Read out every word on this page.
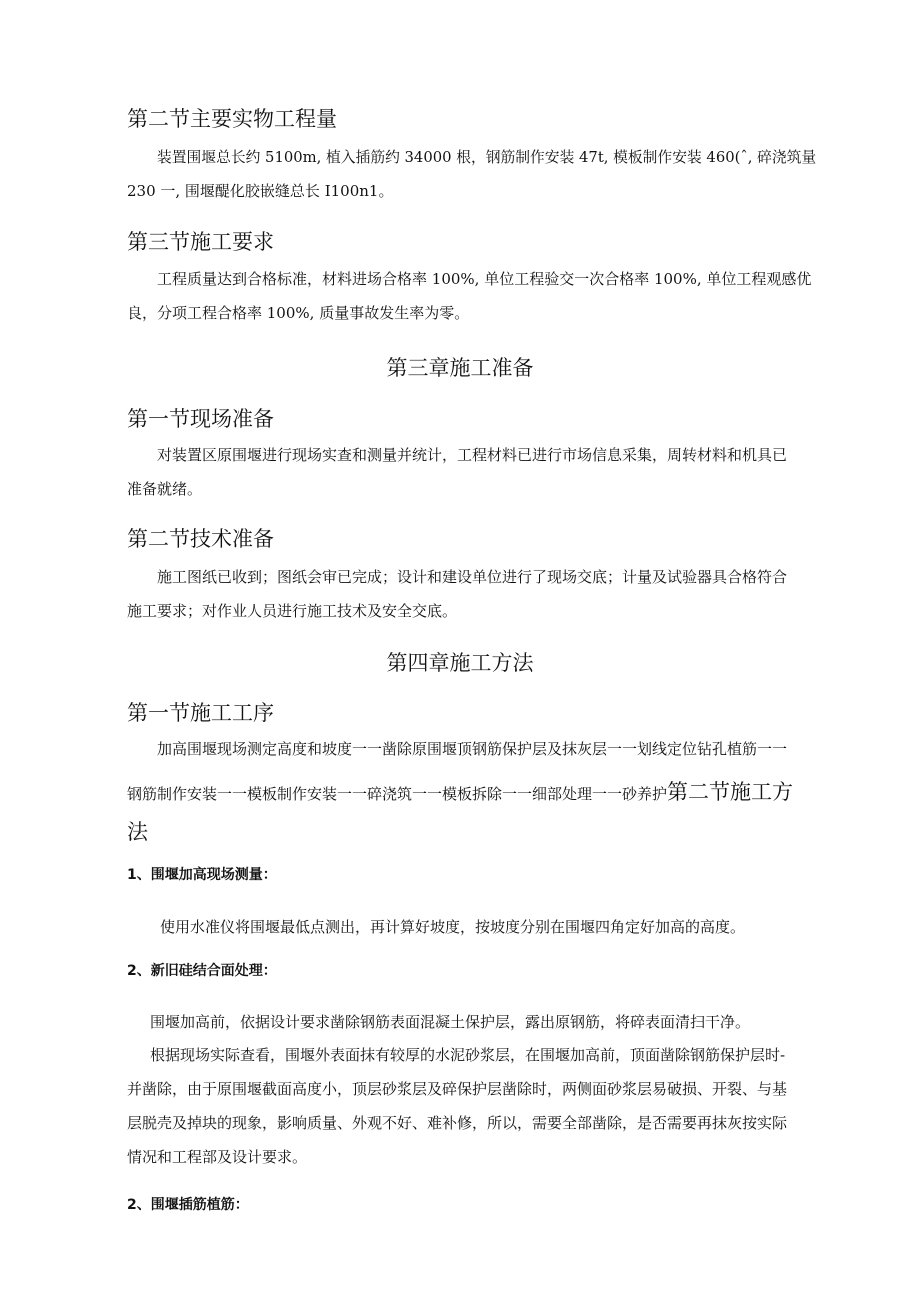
第二节主要实物工程量
装置围堰总长约 5100m, 植入插筋约 34000 根，钢筋制作安装 47t, 模板制作安装 460(ˆ, 碎浇筑量
230 一, 围堰醍化胶嵌缝总长 I100n1。
第三节施工要求
工程质量达到合格标准，材料进场合格率 100%, 单位工程验交一次合格率 100%, 单位工程观感优
良，分项工程合格率 100%, 质量事故发生率为零。
第三章施工准备
第一节现场准备
对装置区原围堰进行现场实查和测量并统计，工程材料已进行市场信息采集，周转材料和机具已
准备就绪。
第二节技术准备
施工图纸已收到；图纸会审已完成；设计和建设单位进行了现场交底；计量及试验器具合格符合
施工要求；对作业人员进行施工技术及安全交底。
第四章施工方法
第一节施工工序
加高围堰现场测定高度和坡度一一凿除原围堰顶钢筋保护层及抹灰层一一划线定位钻孔植筋一一
钢筋制作安装一一模板制作安装一一碎浇筑一一模板拆除一一细部处理一一砂养护第二节施工方
法
1、围堰加高现场测量：
使用水准仪将围堰最低点测出，再计算好坡度，按坡度分别在围堰四角定好加高的高度。
2、新旧硅结合面处理：
围堰加高前，依据设计要求凿除钢筋表面混凝土保护层，露出原钢筋，将碎表面清扫干净。
根据现场实际查看，围堰外表面抹有较厚的水泥砂浆层，在围堰加高前，顶面凿除钢筋保护层时-
并凿除，由于原围堰截面高度小，顶层砂浆层及碎保护层凿除时，两侧面砂浆层易破损、开裂、与基
层脱壳及掉块的现象，影响质量、外观不好、难补修，所以，需要全部凿除，是否需要再抹灰按实际
情况和工程部及设计要求。
2、围堰插筋植筋：
